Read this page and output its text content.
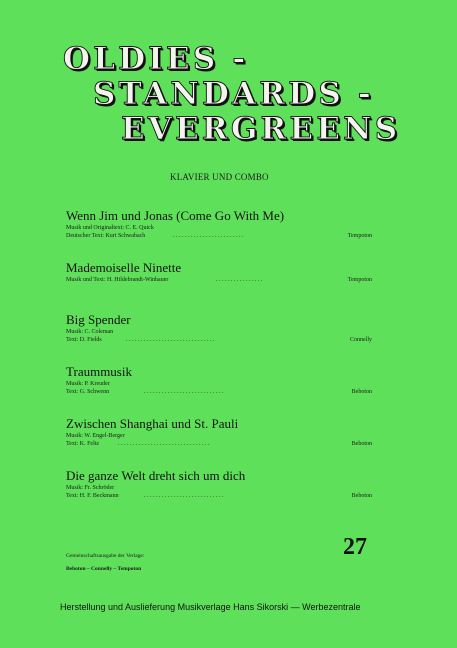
OLDIES -
STANDARDS -
EVERGREENS
KLAVIER UND COMBO
Wenn Jim und Jonas (Come Go With Me)
Musik und Originaltext: C. E. Quick
Deutscher Text: Kurt Schwabach	........................	Tempoton
Mademoiselle Ninette
Musik und Text: H. Hildebrandt-Winhauer	................	Tempoton
Big Spender
Musik: C. Coleman
Text: D. Fields	..............................	Connelly
Traummusik
Musik: P. Kreuder
Text: G. Schwenn	...........................	Beboton
Zwischen Shanghai und St. Pauli
Musik: W. Engel-Berger
Text: K. Feltz	...............................	Beboton
Die ganze Welt dreht sich um dich
Musik: Fr. Schröder
Text: H. F. Beckmann	...........................	Beboton
Gemeinschaftsausgabe der Verlage:
Beboton – Connelly – Tempoton
27
Herstellung und Auslieferung Musikverlage Hans Sikorski — Werbezentrale
